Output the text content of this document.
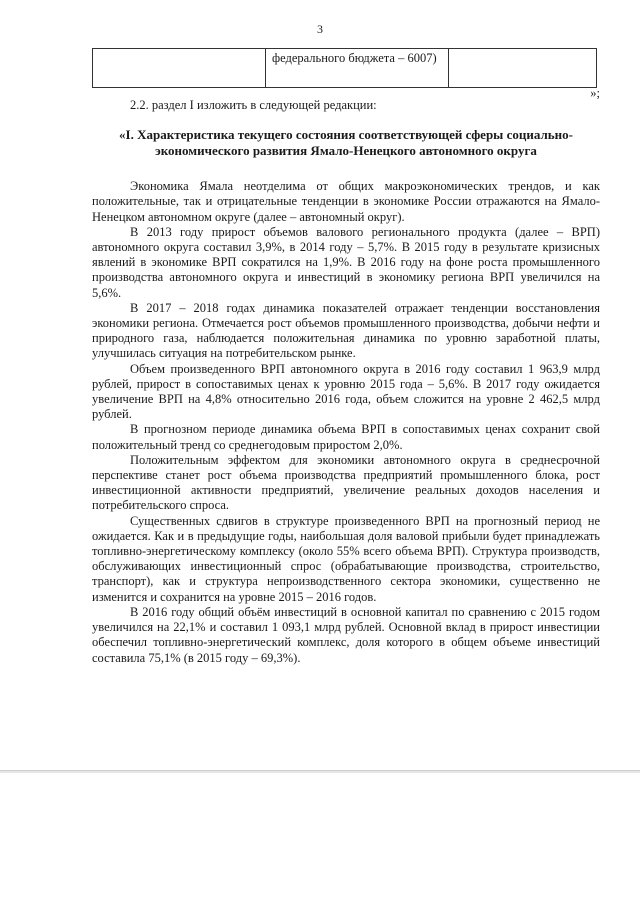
3
	федерального бюджета – 6007)	
»;

2.2. раздел I изложить в следующей редакции:

«I. Характеристика текущего состояния соответствующей сферы социально-экономического развития Ямало-Ненецкого автономного округа

Экономика Ямала неотделима от общих макроэкономических трендов, и как положительные, так и отрицательные тенденции в экономике России отражаются на Ямало-Ненецком автономном округе (далее – автономный округ).

В 2013 году прирост объемов валового регионального продукта (далее – ВРП) автономного округа составил 3,9%, в 2014 году – 5,7%. В 2015 году в результате кризисных явлений в экономике ВРП сократился на 1,9%. В 2016 году на фоне роста промышленного производства автономного округа и инвестиций в экономику региона ВРП увеличился на 5,6%.

В 2017 – 2018 годах динамика показателей отражает тенденции восстановления экономики региона. Отмечается рост объемов промышленного производства, добычи нефти и природного газа, наблюдается положительная динамика по уровню заработной платы, улучшилась ситуация на потребительском рынке.

Объем произведенного ВРП автономного округа в 2016 году составил 1 963,9 млрд рублей, прирост в сопоставимых ценах к уровню 2015 года – 5,6%. В 2017 году ожидается увеличение ВРП на 4,8% относительно 2016 года, объем сложится на уровне 2 462,5 млрд рублей.

В прогнозном периоде динамика объема ВРП в сопоставимых ценах сохранит свой положительный тренд со среднегодовым приростом 2,0%.

Положительным эффектом для экономики автономного округа в среднесрочной перспективе станет рост объема производства предприятий промышленного блока, рост инвестиционной активности предприятий, увеличение реальных доходов населения и потребительского спроса.

Существенных сдвигов в структуре произведенного ВРП на прогнозный период не ожидается. Как и в предыдущие годы, наибольшая доля валовой прибыли будет принадлежать топливно-энергетическому комплексу (около 55% всего объема ВРП). Структура производств, обслуживающих инвестиционный спрос (обрабатывающие производства, строительство, транспорт), как и структура непроизводственного сектора экономики, существенно не изменится и сохранится на уровне 2015 – 2016 годов.

В 2016 году общий объём инвестиций в основной капитал по сравнению с 2015 годом увеличился на 22,1% и составил 1 093,1 млрд рублей. Основной вклад в прирост инвестиции обеспечил топливно-энергетический комплекс, доля которого в общем объеме инвестиций составила 75,1% (в 2015 году – 69,3%).
